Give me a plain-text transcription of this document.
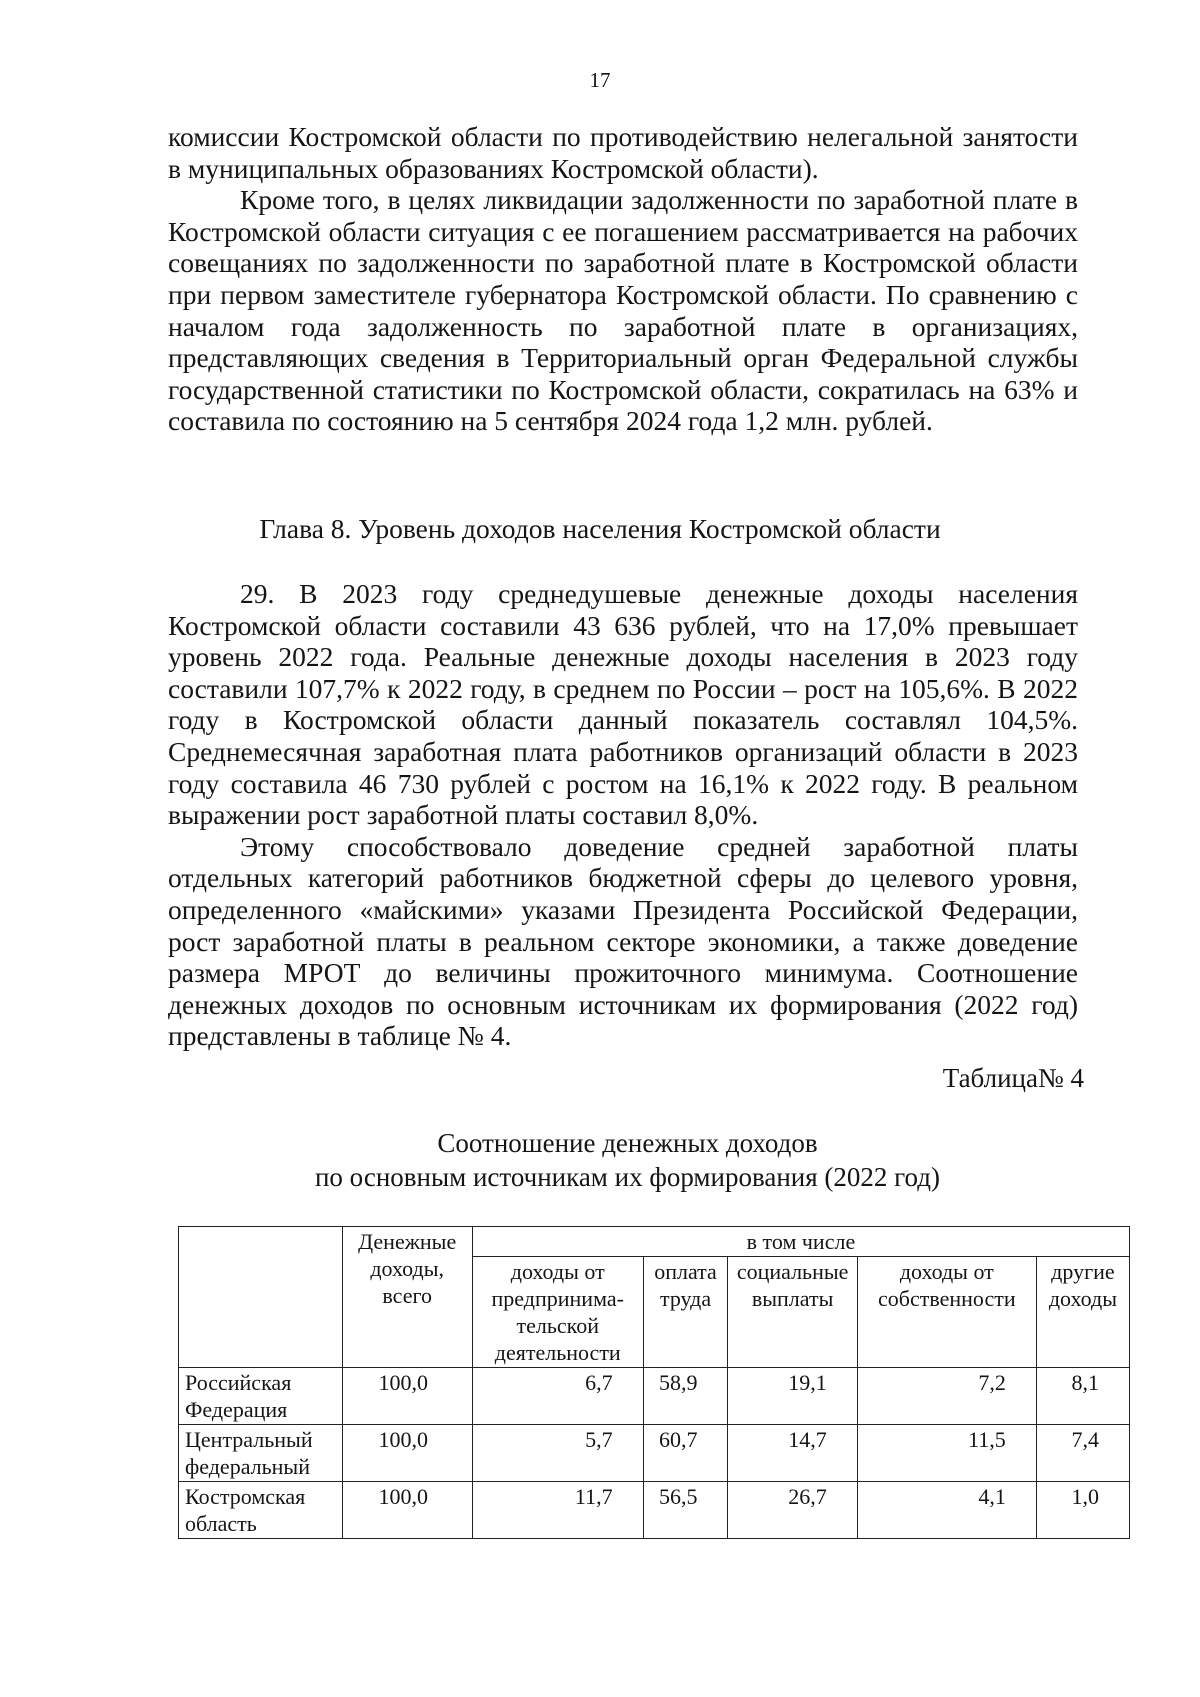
17

комиссии Костромской области по противодействию нелегальной занятости в муниципальных образованиях Костромской области).

Кроме того, в целях ликвидации задолженности по заработной плате в Костромской области ситуация с ее погашением рассматривается на рабочих совещаниях по задолженности по заработной плате в Костромской области при первом заместителе губернатора Костромской области. По сравнению с началом года задолженность по заработной плате в организациях, представляющих сведения в Территориальный орган Федеральной службы государственной статистики по Костромской области, сократилась на 63% и составила по состоянию на 5 сентября 2024 года 1,2 млн. рублей.

Глава 8. Уровень доходов населения Костромской области

29. В 2023 году среднедушевые денежные доходы населения Костромской области составили 43 636 рублей, что на 17,0% превышает уровень 2022 года. Реальные денежные доходы населения в 2023 году составили 107,7% к 2022 году, в среднем по России – рост на 105,6%. В 2022 году в Костромской области данный показатель составлял 104,5%. Среднемесячная заработная плата работников организаций области в 2023 году составила 46 730 рублей с ростом на 16,1% к 2022 году. В реальном выражении рост заработной платы составил 8,0%.

Этому способствовало доведение средней заработной платы отдельных категорий работников бюджетной сферы до целевого уровня, определенного «майскими» указами Президента Российской Федерации, рост заработной платы в реальном секторе экономики, а также доведение размера МРОТ до величины прожиточного минимума. Соотношение денежных доходов по основным источникам их формирования (2022 год) представлены в таблице № 4.

Таблица№ 4
Соотношение денежных доходов
по основным источникам их формирования (2022 год)
	Денежные доходы, всего	в том числе				
		доходы от предпринима-тельской деятельности	оплата труда	социальные выплаты	доходы от собственности	другие доходы
Российская Федерация	100,0	6,7	58,9	19,1	7,2	8,1
Центральный федеральный	100,0	5,7	60,7	14,7	11,5	7,4
Костромская область	100,0	11,7	56,5	26,7	4,1	1,0
